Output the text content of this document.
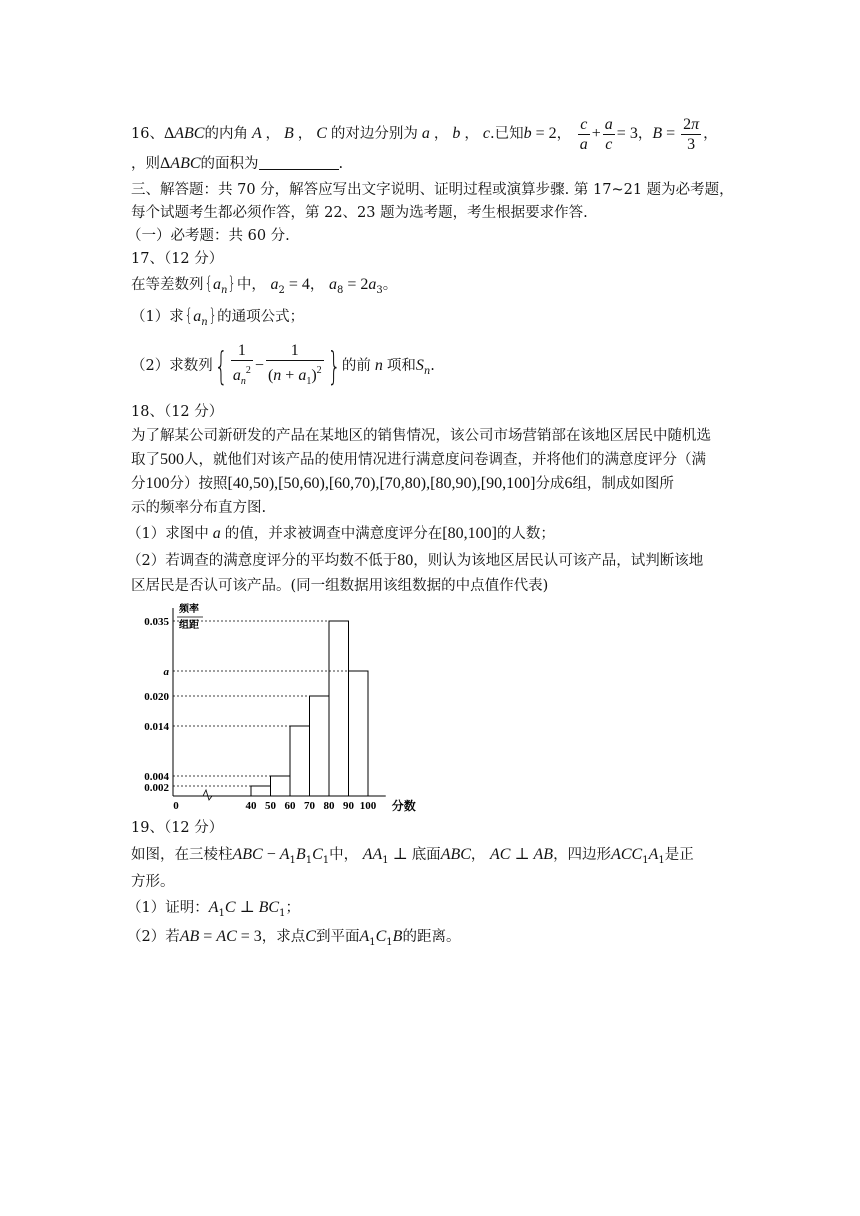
16、ΔABC的内角 A ， B ， C 的对边分别为 a ， b ， c.已知b = 2， $\frac{c}{a} + \frac{a}{c} = 3$，$B = \frac{2\pi}{3}$ ，
，则ΔABC的面积为	.
三、解答题：共 70 分，解答应写出文字说明、证明过程或演算步骤. 第 17~21 题为必考题，
每个试题考生都必须作答，第 22、23 题为选考题，考生根据要求作答.
（一）必考题：共 60 分.
17、（12 分）
在等差数列$\{a_n\}$中， $a_2 = 4$， $a_8 = 2a_3$。
（1）求$\{a_n\}$的通项公式；
（2）求数列{ $\frac{1}{a_n^2} - \frac{1}{(n + a_1)^2}$ }的前 n 项和$S_n$.
18、（12 分）
为了解某公司新研发的产品在某地区的销售情况，该公司市场营销部在该地区居民中随机选
取了500人，就他们对该产品的使用情况进行满意度问卷调查，并将他们的满意度评分（满
分100分）按照[40,50),[50,60),[60,70),[70,80),[80,90),[90,100]分成6组，制成如图所
示的频率分布直方图.
（1）求图中 a 的值，并求被调查中满意度评分在[80,100]的人数；
（2）若调查的满意度评分的平均数不低于80，则认为该地区居民认可该产品，试判断该地
区居民是否认可该产品。(同一组数据用该组数据的中点值作代表)
频率
组距
0.002
0.004
0.014
0.020
a
0.035
0	40 50 60 70 80 90 100 分数
19、（12 分）
如图，在三棱柱ABC − $A_1B_1C_1$中， $AA_1$ ⊥ 底面ABC， AC ⊥ AB，四边形$ACC_1A_1$是正
方形。
（1）证明：$A_1C$ ⊥ $BC_1$；
（2）若AB = AC = 3，求点C到平面$A_1C_1B$的距离。
